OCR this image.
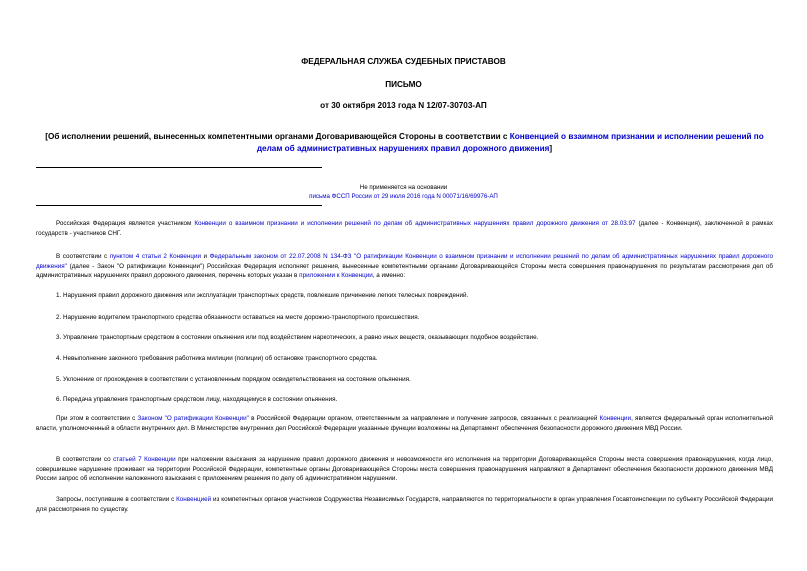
ФЕДЕРАЛЬНАЯ СЛУЖБА СУДЕБНЫХ ПРИСТАВОВ
ПИСЬМО
от 30 октября 2013 года N 12/07-30703-АП
[Об исполнении решений, вынесенных компетентными органами Договаривающейся Стороны в соответствии с Конвенцией о взаимном признании и исполнении решений по делам об административных нарушениях правил дорожного движения]
Не применяется на основании
письма ФССП России от 29 июля 2016 года N 00071/16/69976-АП
Российская Федерация является участником Конвенции о взаимном признании и исполнении решений по делам об административных нарушениях правил дорожного движения от 28.03.97 (далее - Конвенция), заключенной в рамках государств - участников СНГ.
В соответствии с пунктом 4 статьи 2 Конвенции и Федеральным законом от 22.07.2008 N 134-ФЗ "О ратификации Конвенции о взаимном признании и исполнении решений по делам об административных нарушениях правил дорожного движения" (далее - Закон "О ратификации Конвенции") Российская Федерация исполняет решения, вынесенные компетентными органами Договаривающейся Стороны места совершения правонарушения по результатам рассмотрения дел об административных нарушениях правил дорожного движения, перечень которых указан в приложении к Конвенции, а именно:
1. Нарушения правил дорожного движения или эксплуатации транспортных средств, повлекшие причинение легких телесных повреждений.
2. Нарушение водителем транспортного средства обязанности оставаться на месте дорожно-транспортного происшествия.
3. Управление транспортным средством в состоянии опьянения или под воздействием наркотических, а равно иных веществ, оказывающих подобное воздействие.
4. Невыполнение законного требования работника милиции (полиции) об остановке транспортного средства.
5. Уклонение от прохождения в соответствии с установленным порядком освидетельствования на состояние опьянения.
6. Передача управления транспортным средством лицу, находящемуся в состоянии опьянения.
При этом в соответствии с Законом "О ратификации Конвенции" в Российской Федерации органом, ответственным за направление и получение запросов, связанных с реализацией Конвенции, является федеральный орган исполнительной власти, уполномоченный в области внутренних дел. В Министерстве внутренних дел Российской Федерации указанные функции возложены на Департамент обеспечения безопасности дорожного движения МВД России.
В соответствии со статьей 7 Конвенции при наложении взыскания за нарушение правил дорожного движения и невозможности его исполнения на территории Договаривающейся Стороны места совершения правонарушения, когда лицо, совершившее нарушение проживает на территории Российской Федерации, компетентные органы Договаривающейся Стороны места совершения правонарушения направляют в Департамент обеспечения безопасности дорожного движения МВД России запрос об исполнении наложенного взыскания с приложением решения по делу об административном нарушении.
Запросы, поступившие в соответствии с Конвенцией из компетентных органов участников Содружества Независимых Государств, направляются по территориальности в орган управления Госавтоинспекции по субъекту Российской Федерации для рассмотрения по существу.
